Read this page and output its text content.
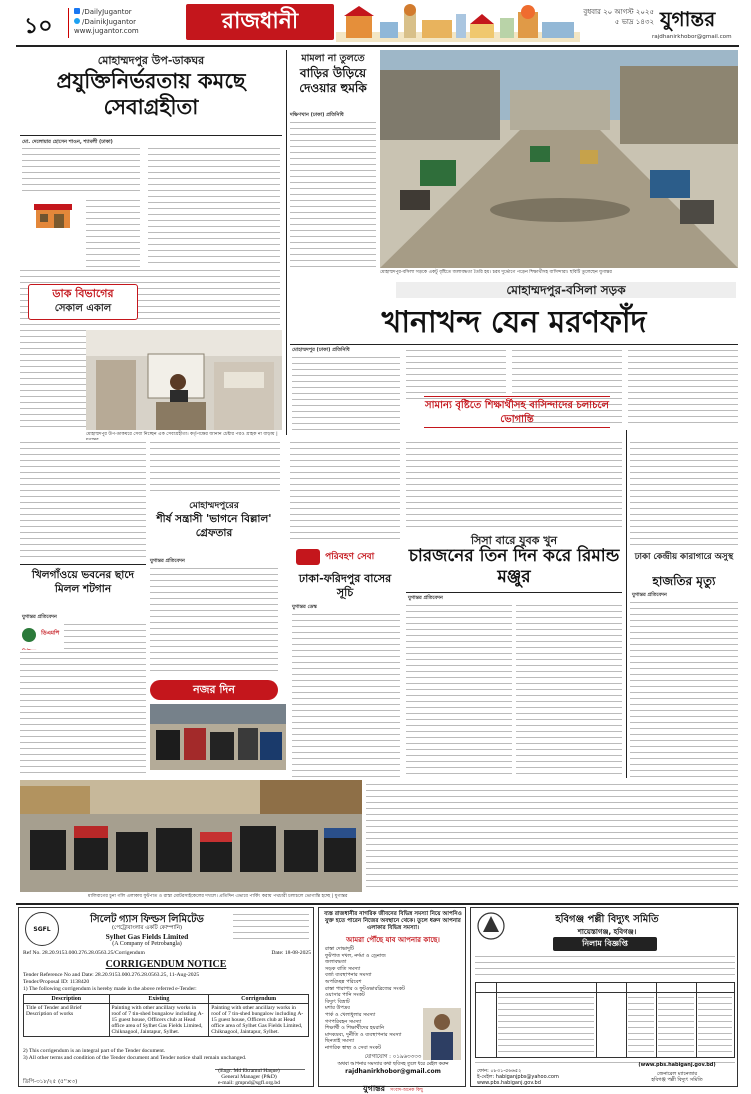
১০
/DailyJugantor
/DainikJugantor
www.jugantor.com	রাজধানী	বুধবার ২০ আগস্ট ২০২৫
৫ ভাদ্র ১৪৩২ যুগান্তর
rajdhanirkhobor@gmail.com
মোহাম্মদপুর উপ-ডাকঘর
প্রযুক্তিনির্ভরতায় কমছে
সেবাগ্রহীতা
মো. দেলোয়ার হোসেন শাওন, শ্যামলী (ঢাকা)
ডাক বিভাগের
সেকাল একাল
মোহাম্মদপুর উপ-ডাকঘরে সেবা নিচ্ছেন এক সেবাগ্রহীতা। কর্তৃপক্ষের জানান চেষ্টার পরও গ্রাহক না বাড়ায় |
মামলা না তুলতে
বাড়ির উড়িয়ে দেওয়ার হুমকি
দক্ষিণখান (ঢাকা) প্রতিনিধি
মোহাম্মদপুর-বসিলা সড়কে একটু বৃষ্টিতে জলাবদ্ধতা তৈরি হয়। চরম দুর্ভোগে পড়েন শিক্ষার্থীসহ বাসিন্দারা। ছবিটি তুলেছেন যুগান্তর
মোহাম্মদপুর-বসিলা সড়ক
খানাখন্দ যেন মরণফাঁদ
মোহাম্মদপুর (ঢাকা) প্রতিনিধি
সামান্য বৃষ্টিতে শিক্ষার্থীসহ বাসিন্দাদের চলাচলে ভোগান্তি
মোহাম্মদপুরের
শীর্ষ সন্ত্রাসী 'ভাগনে বিল্লাল' গ্রেফতার
যুগান্তর প্রতিবেদন
খিলগাঁওয়ে ভবনের ছাদে মিলল শটগান
যুগান্তর প্রতিবেদন
ডিএমপি
পরিবহণ সেবা
ঢাকা-ফরিদপুর বাসের সূচি
যুগান্তর ডেস্ক
সিসা বারে যুবক খুন
চারজনের তিন দিন করে রিমান্ড মঞ্জুর
যুগান্তর প্রতিবেদন
ঢাকা কেন্দ্রীয় কারাগারে অসুস্থ
হাজতির মৃত্যু
যুগান্তর প্রতিবেদন
নজর দিন
মালিবাগের চুনা গলি এলাকায় ফুটপাত ও রাস্তা মোটরসাইকেলের দখলে। প্রতিদিন এভাবে পার্কিং করায় পথচারী চলাচলে ভোগান্তি হচ্ছে | যুগান্তর
SGFL
সিলেট গ্যাস ফিল্ডস লিমিটেড
(পেট্রোবাংলার একটি কোম্পানি)
Sylhet Gas Fields Limited
(A Company of Petrobangla)
Ref No. 28.20.9153.000.276.28.0563.25/Corrigendum	Date: 18-08-2025
CORRIGENDUM NOTICE
Tender Reference No and Date: 28.20.9153.000.276.28.0563.25, 11-Aug-2025
Tender/Proposal ID: 1138420
1) The following corrigendum is hereby made in the above referred e-Tender:
Description	Existing	Corrigendum
Title of Tender and Brief Description of works	Painting with other ancillary works in roof of 7 tin-shed bungalow including A-15 guest house, Officers club at Head office area of Sylhet Gas Fields Limited, Chiknagool, Jaintapur, Sylhet.	Painting with other ancillary works in roof of 7 tin-shed bungalow including A-15 guest house, Officers club at Head office area of Sylhet Gas Fields Limited, Chiknagool, Jaintapur, Sylhet.
2) This corrigendum is an integral part of the Tender document.
3) All other terms and condition of the Tender document and Tender notice shall remain unchanged.
(Engr. Md Ekramul Haque)
General Manager (P&D)
e-mail: gmpnd@sgfl.org.bd
ডিপি-৩১৮/২৫ (৫''×৩)
ব্যস্ত রাজধানীর নাগরিক জীবনের বিভিন্ন সমস্যা নিয়ে আপনিও যুক্ত হতে পারেন নিজের অবস্থানে থেকে। তুলে ধরুন আপনার এলাকার বিভিন্ন সমস্যা।
আমরা পৌঁছে যাব আপনার কাছে।
রাস্তা দোভাদুটি
ফুটপাত দখল, নর্দমা ও ড্রেনাজ
জলাবদ্ধতা
সড়ক বাতি সমস্যা
বর্জ্য ব্যবস্থাপনার সমস্যা
অপরিচ্ছন্ন পরিবেশ
রাস্তা পারাপার ও ফুটওভারব্রিজের সংকট
ওয়াসার পানি সংকট
বিদ্যুৎ বিভ্রাট
মশার উপদ্রব
পার্ক ও খেলাধুলার সমস্যা
গণপরিবহন সমস্যা
শিক্ষার্থী ও শিক্ষার্থীদের হয়রানি
মাদকদ্রব্য, দুর্নীতি ও ব্যবস্থাপনার সমস্যা
ছিনতাই সমস্যা
নাগরিক স্বাস্থ্য ও সেবা সংকট
যোগাযোগ : ০১৯৬৩৩৩৩
অথবা আপনার সমস্যার কথা ছবিসহ তুলে ধরে মেইল করুন
rajdhanirkhobor@gmail.com
যুগান্তর সংবাদ-অনেক কিছু
হবিগঞ্জ পল্লী বিদ্যুৎ সমিতি
শায়েস্তাগঞ্জ, হবিগঞ্জ।
নিলাম বিজ্ঞপ্তি
ফোন: ০৮৩১-৫৬৬৫২
ই-মেইল: habiganjpbs@yahoo.com
www.pbs.habiganj.gov.bd
(www.pbs.habiganj.gov.bd)
জেনারেল ম্যানেজার
হবিগঞ্জ পল্লী বিদ্যুৎ সমিতি
